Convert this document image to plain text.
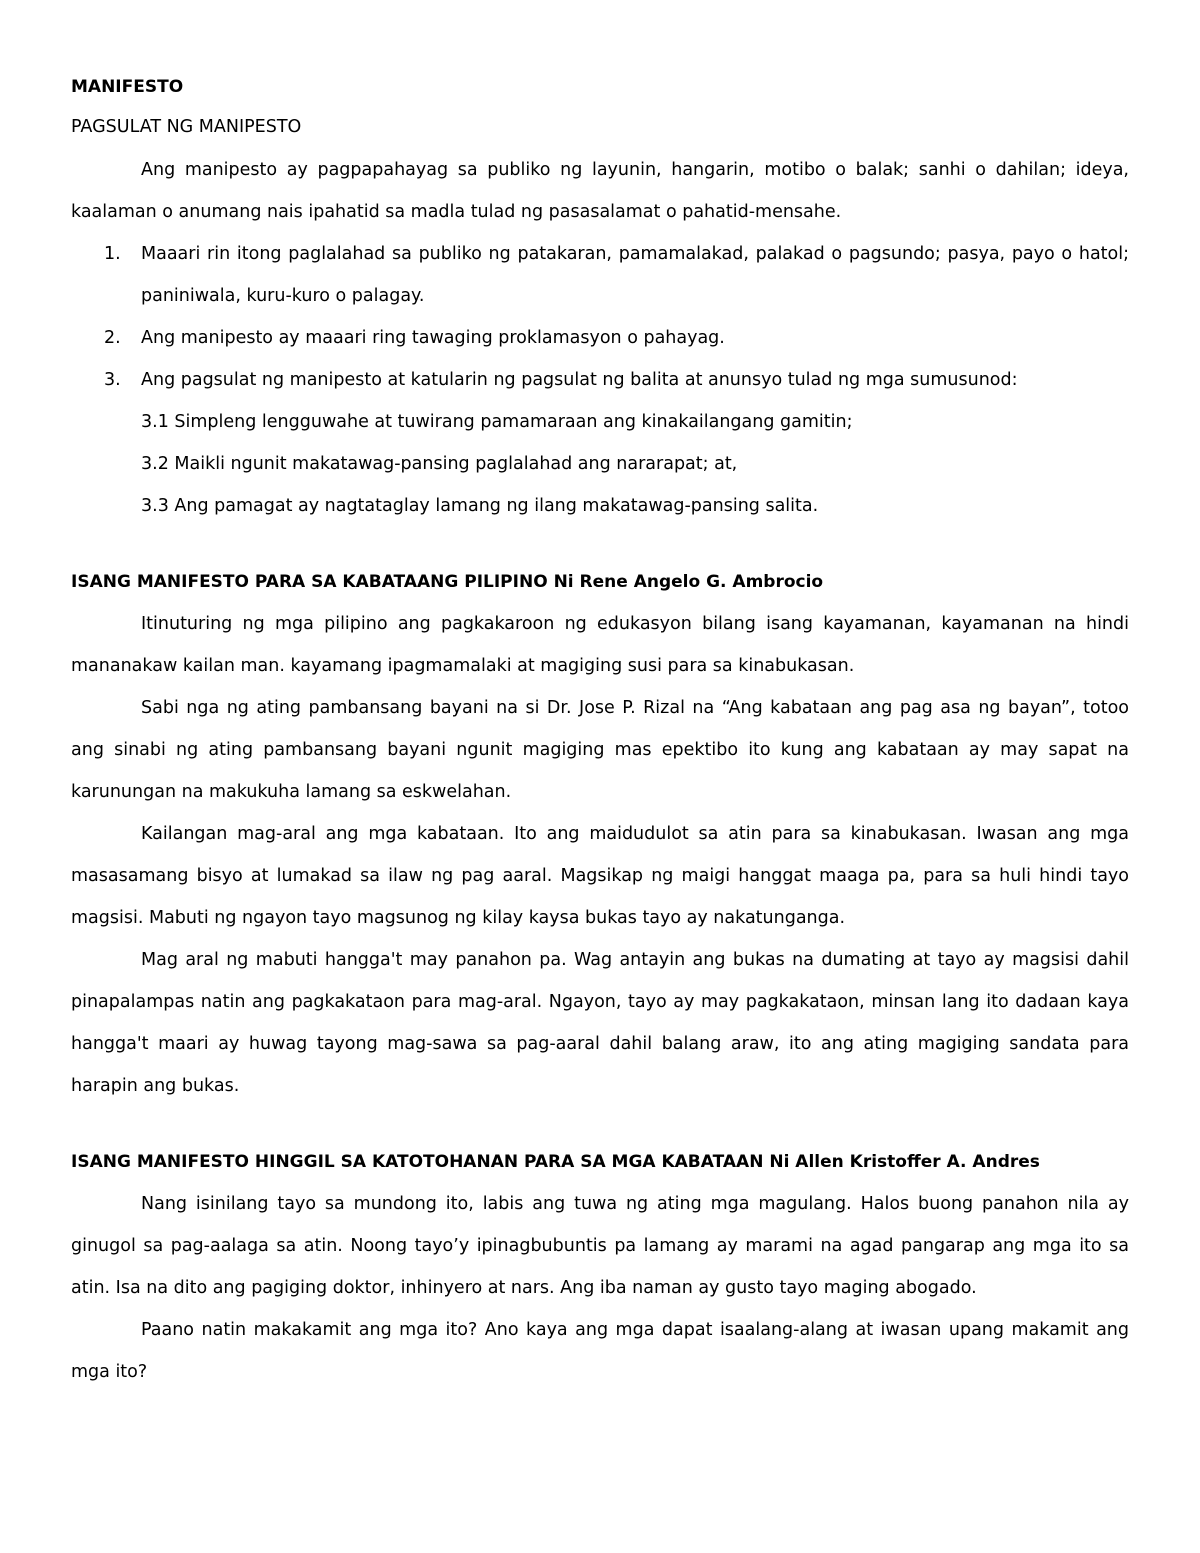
MANIFESTO

PAGSULAT NG MANIPESTO

Ang manipesto ay pagpapahayag sa publiko ng layunin, hangarin, motibo o balak; sanhi o dahilan; ideya, kaalaman o anumang nais ipahatid sa madla tulad ng pasasalamat o pahatid-mensahe.

1. Maaari rin itong paglalahad sa publiko ng patakaran, pamamalakad, palakad o pagsundo; pasya, payo o hatol; paniniwala, kuru-kuro o palagay.
2. Ang manipesto ay maaari ring tawaging proklamasyon o pahayag.
3. Ang pagsulat ng manipesto at katularin ng pagsulat ng balita at anunsyo tulad ng mga sumusunod:

3.1 Simpleng lengguwahe at tuwirang pamamaraan ang kinakailangang gamitin;

3.2 Maikli ngunit makatawag-pansing paglalahad ang nararapat; at,

3.3 Ang pamagat ay nagtataglay lamang ng ilang makatawag-pansing salita.

ISANG MANIFESTO PARA SA KABATAANG PILIPINO Ni Rene Angelo G. Ambrocio

Itinuturing ng mga pilipino ang pagkakaroon ng edukasyon bilang isang kayamanan, kayamanan na hindi mananakaw kailan man. kayamang ipagmamalaki at magiging susi para sa kinabukasan.

Sabi nga ng ating pambansang bayani na si Dr. Jose P. Rizal na “Ang kabataan ang pag asa ng bayan”, totoo ang sinabi ng ating pambansang bayani ngunit magiging mas epektibo ito kung ang kabataan ay may sapat na karunungan na makukuha lamang sa eskwelahan.

Kailangan mag-aral ang mga kabataan. Ito ang maidudulot sa atin para sa kinabukasan. Iwasan ang mga masasamang bisyo at lumakad sa ilaw ng pag aaral. Magsikap ng maigi hanggat maaga pa, para sa huli hindi tayo magsisi. Mabuti ng ngayon tayo magsunog ng kilay kaysa bukas tayo ay nakatunganga.

Mag aral ng mabuti hangga't may panahon pa. Wag antayin ang bukas na dumating at tayo ay magsisi dahil pinapalampas natin ang pagkakataon para mag-aral. Ngayon, tayo ay may pagkakataon, minsan lang ito dadaan kaya hangga't maari ay huwag tayong mag-sawa sa pag-aaral dahil balang araw, ito ang ating magiging sandata para harapin ang bukas.

ISANG MANIFESTO HINGGIL SA KATOTOHANAN PARA SA MGA KABATAAN Ni Allen Kristoffer A. Andres

Nang isinilang tayo sa mundong ito, labis ang tuwa ng ating mga magulang. Halos buong panahon nila ay ginugol sa pag-aalaga sa atin. Noong tayo’y ipinagbubuntis pa lamang ay marami na agad pangarap ang mga ito sa atin. Isa na dito ang pagiging doktor, inhinyero at nars. Ang iba naman ay gusto tayo maging abogado.

Paano natin makakamit ang mga ito? Ano kaya ang mga dapat isaalang-alang at iwasan upang makamit ang mga ito?
